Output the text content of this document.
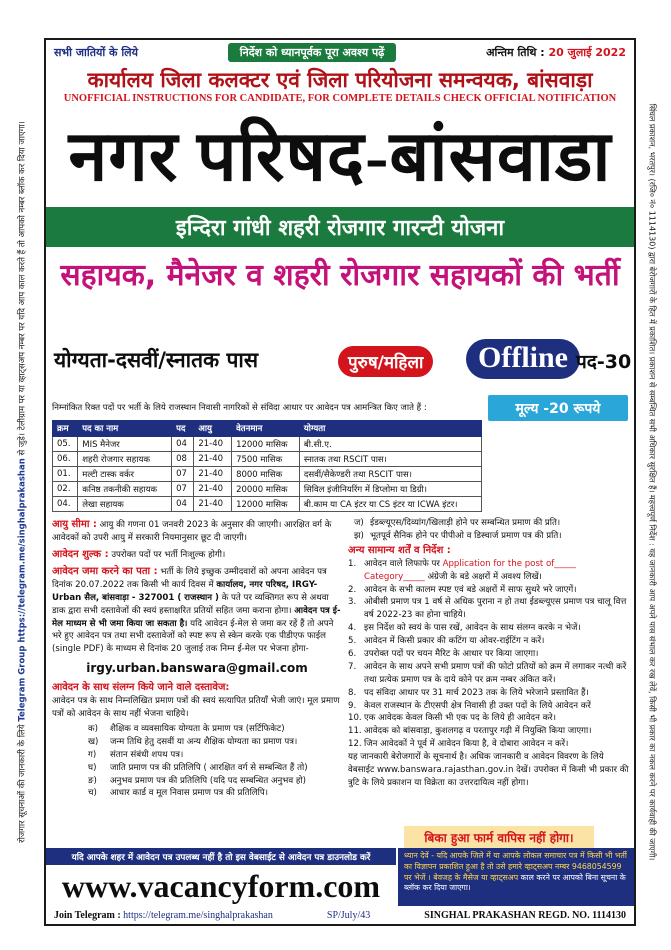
रोजगार सूचनाओं की जानकारी के लिये Telegram Group https://telegram.me/singhalprakashan से जुडे। टेलीग्राम पर या व्हाट्सअप नम्बर पर यदि आप काल करते हैं तो आपको नम्बर ब्लॉक कर दिया जाएगा।	सिंघल प्रकाशन, भरतपुर। (रजि० नं० 1114130) द्वारा बेरोजगारों के हित में प्रकाशित। प्रकाशन से सम्बन्धित सभी अधिकार सुरक्षित हैं। महत्त्वपूर्ण निर्देश : यह जानकारी आप अपने पास संभाल कर रख लेवें, किसी भी प्रकार का नकल करने पर कार्यवाही की जाएगी।
सभी जातियों के लिये	निर्देश को ध्यानपूर्वक पूरा अवश्य पढ़ें	अन्तिम तिथि : 20 जुलाई 2022
कार्यालय जिला कलक्टर एवं जिला परियोजना समन्वयक, बांसवाड़ा
UNOFFICIAL INSTRUCTIONS FOR CANDIDATE, FOR COMPLETE DETAILS CHECK OFFICIAL NOTIFICATION
नगर परिषद-बांसवाडा
इन्दिरा गांधी शहरी रोजगार गारन्टी योजना
सहायक, मैनेजर व शहरी रोजगार सहायकों की भर्ती
योग्यता-दसवीं/स्नातक पास	पुरुष/महिला	Offline पद-30
निम्नांकित रिक्त पदों पर भर्ती के लिये राजस्थान निवासी नागरिकों से संविदा आधार पर आवेदन पत्र आमन्त्रित किए जाते हैं :	मूल्य -20 रूपये
क्रम	पद का नाम	पद	आयु	वेतनमान	योग्यता
05.	MIS मैनेजर	04	21-40	12000 मासिक	बी.सी.ए.
06.	शहरी रोजगार सहायक	08	21-40	7500 मासिक	स्नातक तथा RSCIT पास।
01.	मल्टी टास्क वर्कर	07	21-40	8000 मासिक	दसवीं/सैकेण्डरी तथा RSCIT पास।
02.	कनिष्ठ तकनीकी सहायक	07	21-40	20000 मासिक	सिविल इंजीनियरिंग में डिप्लोमा या डिग्री।
04.	लेखा सहायक	04	21-40	12000 मासिक	बी.काम या CA इंटर या CS इंटर या ICWA इंटर।
आयु सीमा : आयु की गणना 01 जनवरी 2023 के अनुसार की जाएगी। आरक्षित वर्ग के आवेदकों को उपरी आयु में सरकारी नियमानुसार छूट दी जाएगी।
आवेदन शुल्क : उपरोक्त पदों पर भर्ती निःशुल्क होगी।
आवेदन जमा करने का पता : भर्ती के लिये इच्छुक उम्मीदवारों को अपना आवेदन पत्र दिनांक 20.07.2022 तक किसी भी कार्य दिवस में कार्यालय, नगर परिषद, IRGY-Urban सैल, बांसवाड़ा - 327001 ( राजस्थान ) के पते पर व्यक्तिगत रूप से अथवा डाक द्वारा सभी दस्तावेजों की स्वयं हस्ताक्षरित प्रतियों सहित जमा कराना होगा। आवेदन पत्र ई-मेल माध्यम से भी जमा किया जा सकता है। यदि आवेदन ई-मेल से जमा कर रहें हैं तो अपने भरे हुए आवेदन पत्र तथा सभी दस्तावेजों को स्पष्ट रूप से स्केन करके एक पीडीएफ फाईल (single PDF) के माध्यम से दिनांक 20 जुलाई तक निम्न ई-मेल पर भेजना होगा-
irgy.urban.banswara@gmail.com
आवेदन के साथ संलग्न किये जाने वाले दस्तावेज:
आवेदन पत्र के साथ निम्नलिखित प्रमाण पत्रों की स्वयं सत्यापित प्रतियाँ भेजी जाएं। मूल प्रमाण पत्रों को आवेदन के साथ नहीं भेजना चाहिये।
क) शैक्षिक व व्यवसायिक योग्यता के प्रमाण पत्र (सर्टिफिकेट)
ख) जन्म तिथि हेतु दसवीं या अन्य शैक्षिक योग्यता का प्रमाण पत्र।
ग) संतान संबंधी शपथ पत्र।
घ) जाति प्रमाण पत्र की प्रतिलिपि ( आरक्षित वर्ग से सम्बन्धित हैं तो)
ङ) अनुभव प्रमाण पत्र की प्रतिलिपि (यदि पद सम्बन्धित अनुभव हो)
च) आधार कार्ड व मूल निवास प्रमाण पत्र की प्रतिलिपि।
ज) ईडब्ल्यूएस/दिव्यांग/खिलाड़ी होने पर सम्बन्धित प्रमाण की प्रति।
झ) भूतपूर्व सैनिक होने पर पीपीओ व डिस्चार्ज प्रमाण पत्र की प्रति।
अन्य सामान्य शर्तें व निर्देश :
1. आवेदन वाले लिफाफे पर Application for the post of_____ Category_____ अंग्रेजी के बडे अक्षरों में अवश्य लिखें।
2. आवेदन के सभी कालम स्पष्ट एवं बडे अक्षरों में साफ सुथरे भरे जाएगें।
3. ओबीसी प्रमाण पत्र 1 वर्ष से अधिक पुराना न हो तथा ईडब्ल्यूएस प्रमाण पत्र चालू वित्त वर्ष 2022-23 का होना चाहिये।
4. इस निर्देश को स्वयं के पास रखें, आवेदन के साथ संलग्न करके न भेजें।
5. आवेदन में किसी प्रकार की कटिंग या ओवर-राईटिंग न करें।
6. उपरोक्त पदों पर चयन मैरिट के आधार पर किया जाएगा।
7. आवेदन के साथ अपने सभी प्रमाण पत्रों की फोटो प्रतियों को क्रम में लगाकर नत्थी करें तथा प्रत्येक प्रमाण पत्र के दाये कोने पर क्रम नम्बर अंकित करें।
8. पद संविदा आधार पर 31 मार्च 2023 तक के लिये भरेजाने प्रस्तावित हैं।
9. केवल राजस्थान के टीएसपी क्षेत्र निवासी ही उक्त पदों के लिये आवेदन करें
10. एक आवेदक केवल किसी भी एक पद के लिये ही आवेदन करे।
11. आवेदक को बांसवाड़ा, कुशलगढ़ व परतापुर गढ़ी में नियुक्ति किया जाएगा।
12. जिन आवेदकों ने पूर्व में आवेदन किया है, वे दोबारा आवेदन न करें।
यह जानकारी बेरोजगारों के सूचनार्थ है। अधिक जानकारी व आवेदन विवरण के लिये वेबसाईट www.banswara.rajasthan.gov.in देखें। उपरोक्त में किसी भी प्रकार की त्रुटि के लिये प्रकाशन या विक्रेता का उत्तरदायित्व नहीं होगा।
बिका हुआ फार्म वापिस नहीं होगा।
यदि आपके शहर में आवेदन पत्र उपलब्ध नहीं है तो इस वेबसाईट से आवेदन पत्र डाउनलोड करें
www.vacancyform.com
ध्यान देवें - यदि आपके जिले में या आपके लोकल समाचार पत्र में किसी भी भर्ती का विज्ञापन प्रकाशित हुआ है तो उसे हमारे व्हाट्सअप नम्बर 9468054599 पर भेजें । बेवजह के मैसेज या व्हाट्सअप काल करने पर आपको बिना सूचना के ब्लॉक कर दिया जाएगा।
Join Telegram : https://telegram.me/singhalprakashan	SP/July/43	SINGHAL PRAKASHAN REGD. NO. 1114130
